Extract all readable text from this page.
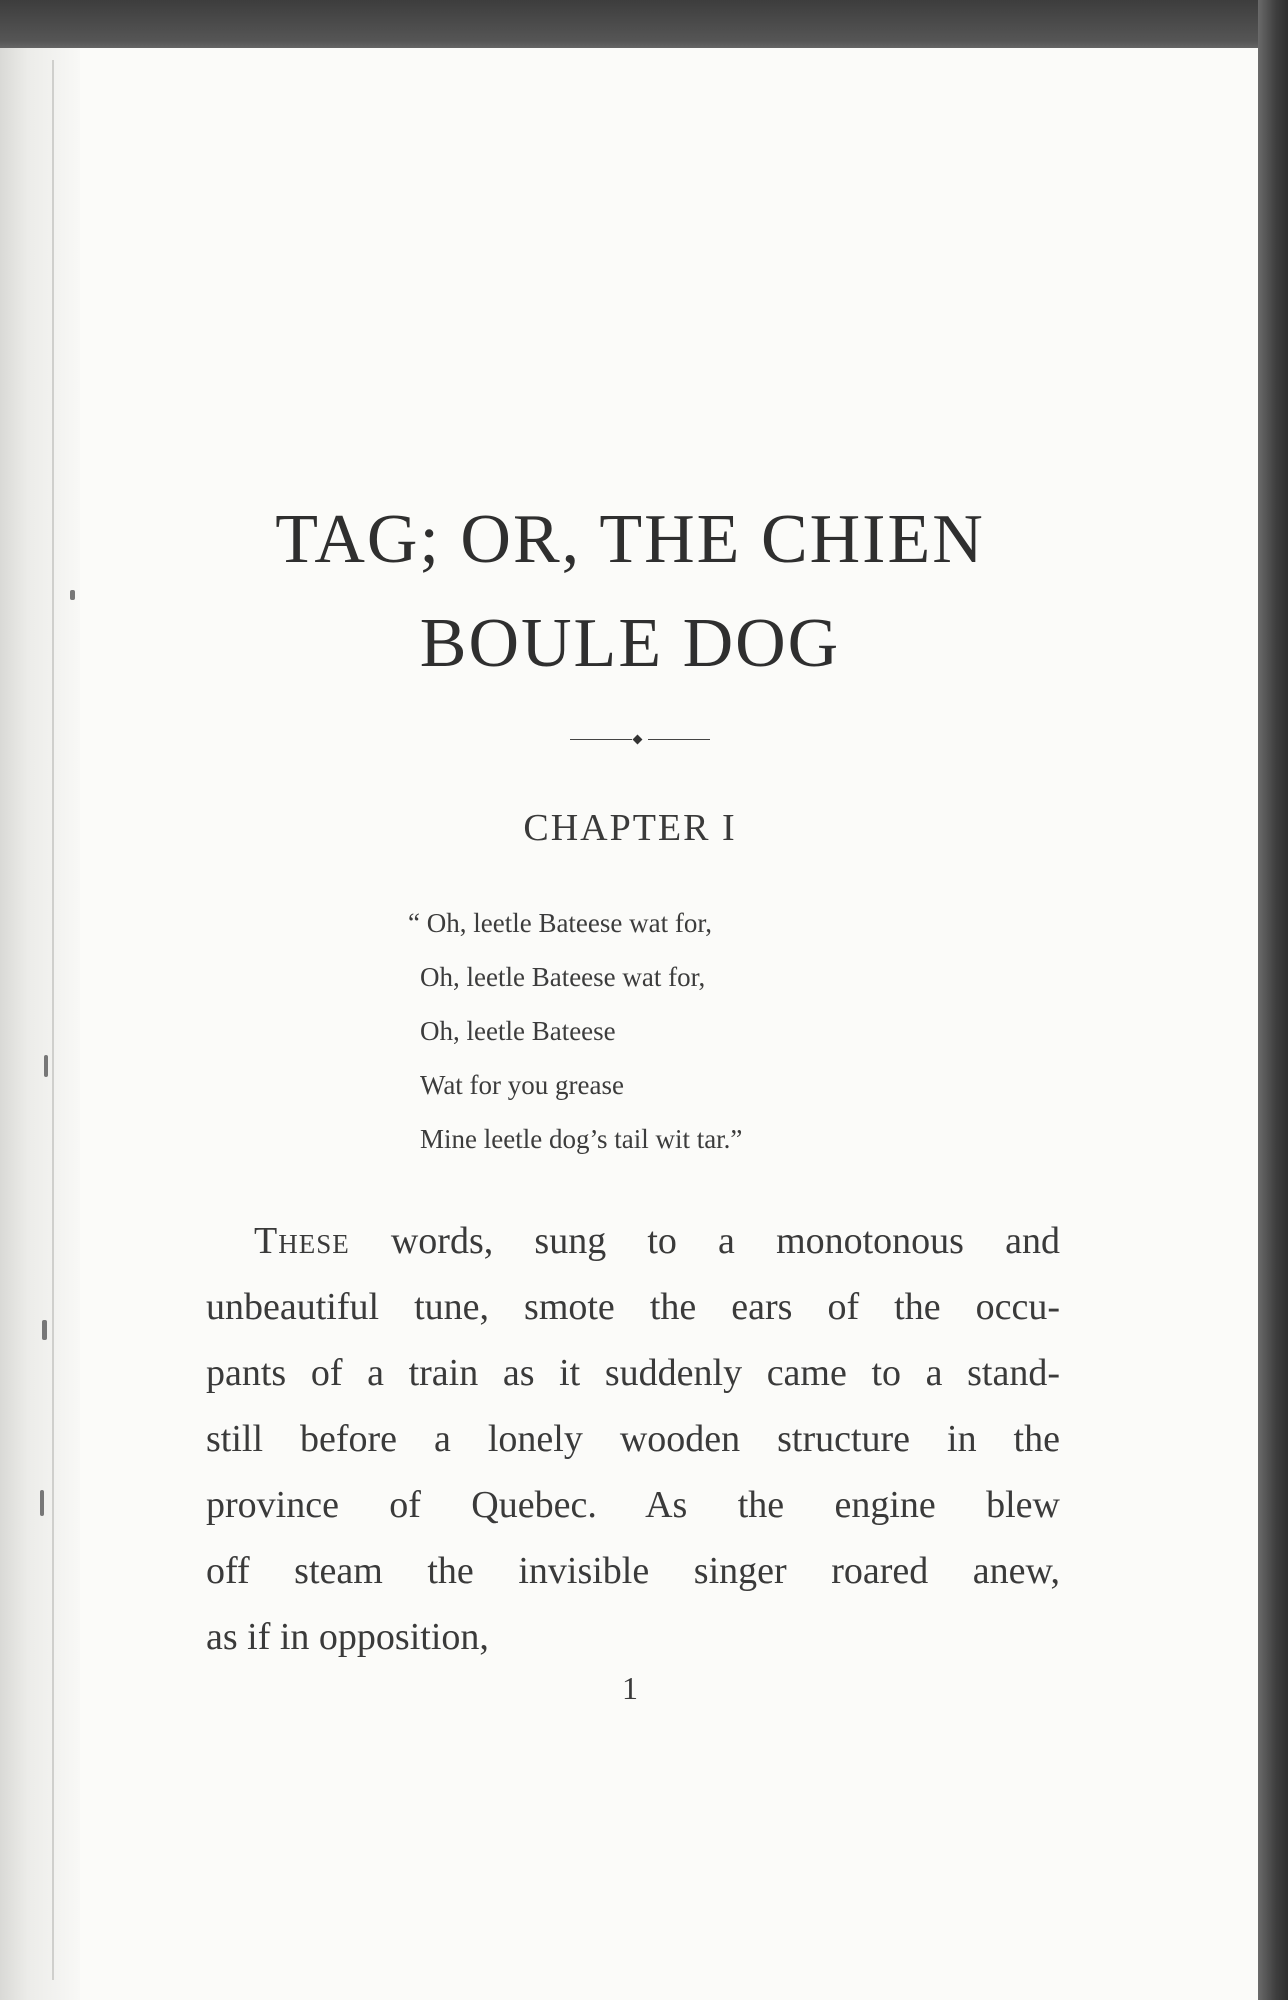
TAG; OR, THE CHIEN
BOULE DOG
CHAPTER I
“ Oh, leetle Bateese wat for,
Oh, leetle Bateese wat for,
Oh, leetle Bateese
Wat for you grease
Mine leetle dog’s tail wit tar.”
These words, sung to a monotonous and
unbeautiful tune, smote the ears of the occu-
pants of a train as it suddenly came to a stand-
still before a lonely wooden structure in the
province of Quebec. As the engine blew
off steam the invisible singer roared anew,
as if in opposition,
1
